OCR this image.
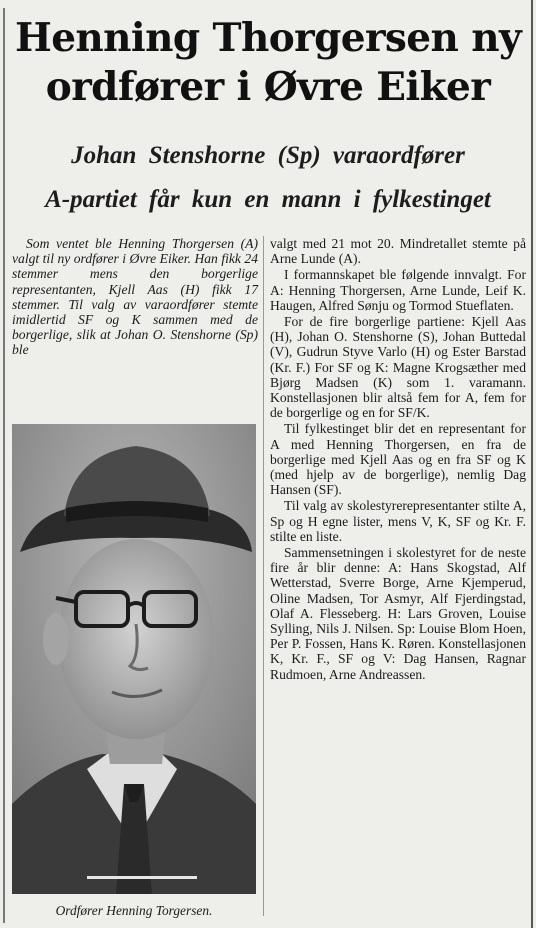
Henning Thorgersen ny
ordfører i Øvre Eiker
Johan Stenshorne (Sp) varaordfører
A-partiet får kun en mann i fylkestinget

Som ventet ble Henning Thorgersen (A) valgt til ny ordfører i Øvre Eiker. Han fikk 24 stemmer mens den borgerlige representanten, Kjell Aas (H) fikk 17 stemmer. Til valg av varaordfører stemte imidlertid SF og K sammen med de borgerlige, slik at Johan O. Stenshorne (Sp) ble

Ordfører Henning Torgersen.

valgt med 21 mot 20. Mindretallet stemte på Arne Lunde (A).

I formannskapet ble følgende innvalgt. For A: Henning Thorgersen, Arne Lunde, Leif K. Haugen, Alfred Sønju og Tormod Stueflaten.

For de fire borgerlige partiene: Kjell Aas (H), Johan O. Stenshorne (S), Johan Buttedal (V), Gudrun Styve Varlo (H) og Ester Barstad (Kr. F.) For SF og K: Magne Krogsæther med Bjørg Madsen (K) som 1. varamann. Konstellasjonen blir altså fem for A, fem for de borgerlige og en for SF/K.

Til fylkestinget blir det en representant for A med Henning Thorgersen, en fra de borgerlige med Kjell Aas og en fra SF og K (med hjelp av de borgerlige), nemlig Dag Hansen (SF).

Til valg av skolestyrerepresentanter stilte A, Sp og H egne lister, mens V, K, SF og Kr. F. stilte en liste.

Sammensetningen i skolestyret for de neste fire år blir denne: A: Hans Skogstad, Alf Wetterstad, Sverre Borge, Arne Kjemperud, Oline Madsen, Tor Asmyr, Alf Fjerdingstad, Olaf A. Flesseberg. H: Lars Groven, Louise Sylling, Nils J. Nilsen. Sp: Louise Blom Hoen, Per P. Fossen, Hans K. Røren. Konstellasjonen K, Kr. F., SF og V: Dag Hansen, Ragnar Rudmoen, Arne Andreassen.
